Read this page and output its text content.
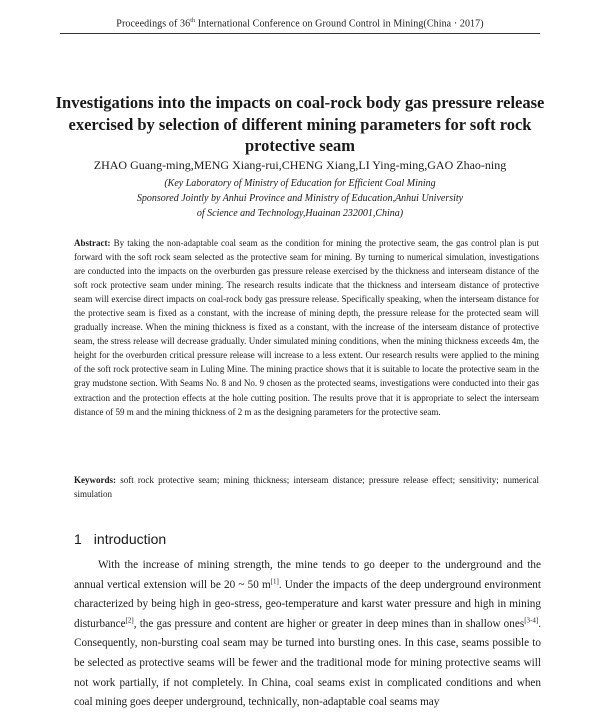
Proceedings of 36th International Conference on Ground Control in Mining(China · 2017)
Investigations into the impacts on coal-rock body gas pressure release exercised by selection of different mining parameters for soft rock protective seam
ZHAO Guang-ming,MENG Xiang-rui,CHENG Xiang,LI Ying-ming,GAO Zhao-ning
(Key Laboratory of Ministry of Education for Efficient Coal Mining
Sponsored Jointly by Anhui Province and Ministry of Education,Anhui University
of Science and Technology,Huainan 232001,China)
Abstract: By taking the non-adaptable coal seam as the condition for mining the protective seam, the gas control plan is put forward with the soft rock seam selected as the protective seam for mining. By turning to numerical simulation, investigations are conducted into the impacts on the overburden gas pressure release exercised by the thickness and interseam distance of the soft rock protective seam under mining. The research results indicate that the thickness and interseam distance of protective seam will exercise direct impacts on coal-rock body gas pressure release. Specifically speaking, when the interseam distance for the protective seam is fixed as a constant, with the increase of mining depth, the pressure release for the protected seam will gradually increase. When the mining thickness is fixed as a constant, with the increase of the interseam distance of protective seam, the stress release will decrease gradually. Under simulated mining conditions, when the mining thickness exceeds 4m, the height for the overburden critical pressure release will increase to a less extent. Our research results were applied to the mining of the soft rock protective seam in Luling Mine. The mining practice shows that it is suitable to locate the protective seam in the gray mudstone section. With Seams No. 8 and No. 9 chosen as the protected seams, investigations were conducted into their gas extraction and the protection effects at the hole cutting position. The results prove that it is appropriate to select the interseam distance of 59 m and the mining thickness of 2 m as the designing parameters for the protective seam.
Keywords: soft rock protective seam; mining thickness; interseam distance; pressure release effect; sensitivity; numerical simulation
1 introduction
With the increase of mining strength, the mine tends to go deeper to the underground and the annual vertical extension will be 20 ~ 50 m[1]. Under the impacts of the deep underground environment characterized by being high in geo-stress, geo-temperature and karst water pressure and high in mining disturbance[2], the gas pressure and content are higher or greater in deep mines than in shallow ones[3-4]. Consequently, non-bursting coal seam may be turned into bursting ones. In this case, seams possible to be selected as protective seams will be fewer and the traditional mode for mining protective seams will not work partially, if not completely. In China, coal seams exist in complicated conditions and when coal mining goes deeper underground, technically, non-adaptable coal seams may
